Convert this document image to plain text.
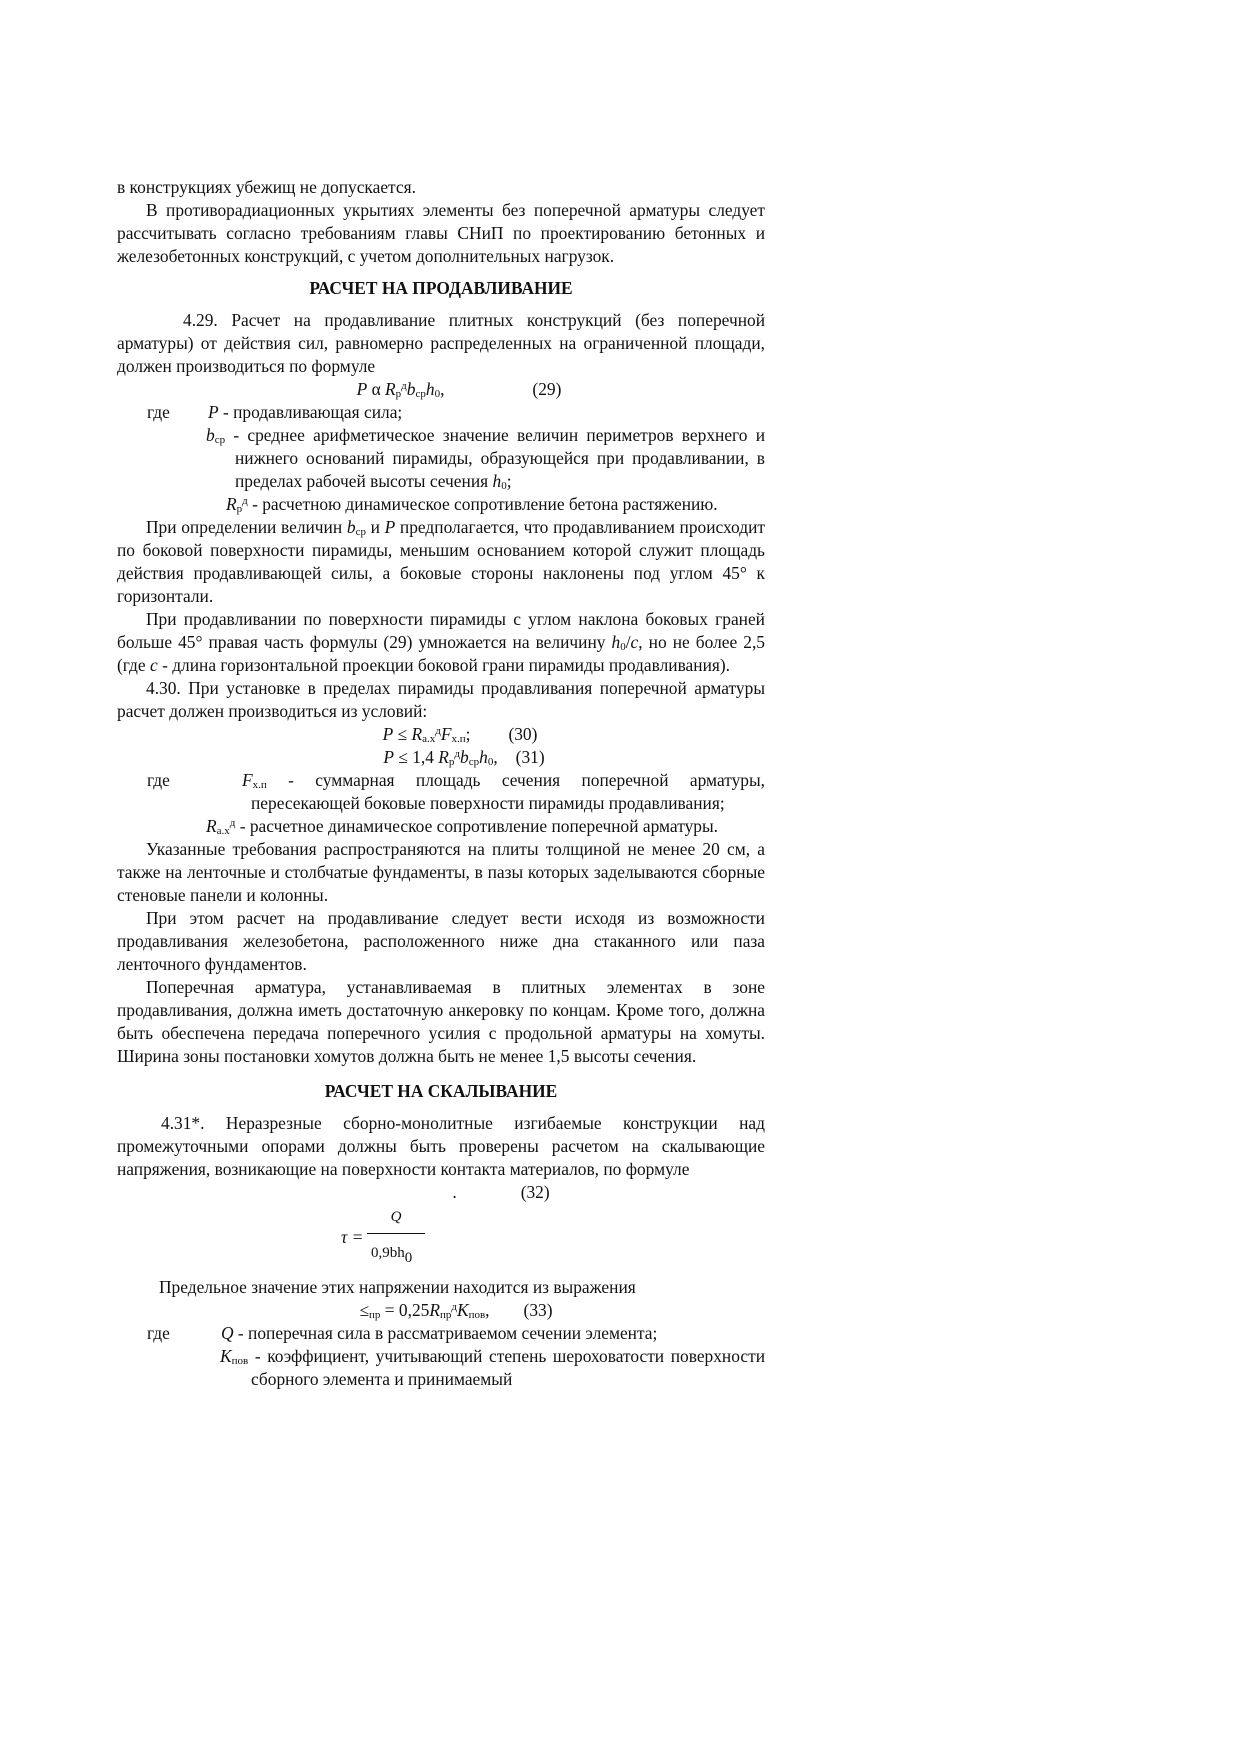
в конструкциях убежищ не допускается.

В противорадиационных укрытиях элементы без поперечной арматуры следует рассчитывать согласно требованиям главы СНиП по проектированию бетонных и железобетонных конструкций, с учетом дополнительных нагрузок.

РАСЧЕТ НА ПРОДАВЛИВАНИЕ

4.29. Расчет на продавливание плитных конструкций (без поперечной арматуры) от действия сил, равномерно распределенных на ограниченной площади, должен производиться по формуле

P α $R_р^дb_{ср}h_0$,	(29)

где	P - продавливающая сила;

$b_{ср}$ - среднее арифметическое значение величин периметров верхнего и нижнего оснований пирамиды, образующейся при продавливании, в пределах рабочей высоты сечения $h_0$;

$R_р^д$ - расчетною динамическое сопротивление бетона растяжению.

При определении величин $b_{ср}$ и P предполагается, что продавливанием происходит по боковой поверхности пирамиды, меньшим основанием которой служит площадь действия продавливающей силы, а боковые стороны наклонены под углом 45° к горизонтали.

При продавливании по поверхности пирамиды с углом наклона боковых граней больше 45° правая часть формулы (29) умножается на величину $h_0/c$, но не более 2,5 (где c - длина горизонтальной проекции боковой грани пирамиды продавливания).

4.30. При установке в пределах пирамиды продавливания поперечной арматуры расчет должен производиться из условий:

$P \le R_{а.х}^дF_{х.п}$; (30)

P ≤ 1,4 $R_р^дb_{ср}h_0$, (31)

где	$F_{х.п}$ - суммарная площадь сечения поперечной арматуры, пересекающей боковые поверхности пирамиды продавливания;

$R_{а.х}^д$ - расчетное динамическое сопротивление поперечной арматуры.

Указанные требования распространяются на плиты толщиной не менее 20 см, а также на ленточные и столбчатые фундаменты, в пазы которых заделываются сборные стеновые панели и колонны.

При этом расчет на продавливание следует вести исходя из возможности продавливания железобетона, расположенного ниже дна стаканного или паза ленточного фундаментов.

Поперечная арматура, устанавливаемая в плитных элементах в зоне продавливания, должна иметь достаточную анкеровку по концам. Кроме того, должна быть обеспечена передача поперечного усилия с продольной арматуры на хомуты. Ширина зоны постановки хомутов должна быть не менее 1,5 высоты сечения.

РАСЧЕТ НА СКАЛЫВАНИЕ

4.31*. Неразрезные сборно-монолитные изгибаемые конструкции над промежуточными опорами должны быть проверены расчетом на скалывающие напряжения, возникающие на поверхности контакта материалов, по формуле

.	(32)

τ =
Q
$0,9bh_0$

Предельное значение этих напряжении находится из выражения

$\le_{пр} = 0,25R_{пр}^дK_{пов}$, (33)

где	Q - поперечная сила в рассматриваемом сечении элемента;

$K_{пов}$ - коэффициент, учитывающий степень шероховатости поверхности сборного элемента и принимаемый
